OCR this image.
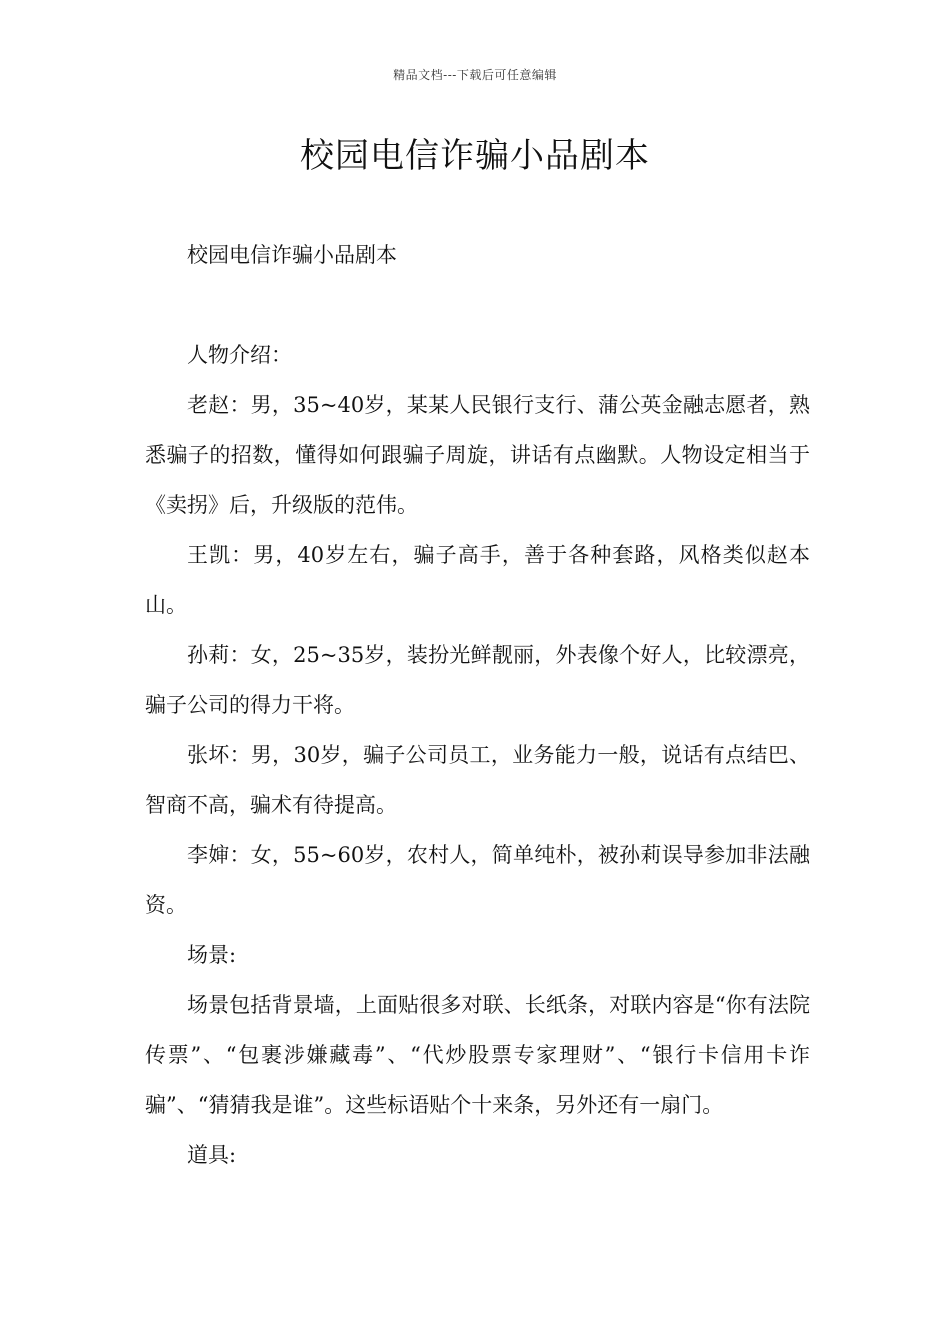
精品文档---下载后可任意编辑
校园电信诈骗小品剧本

校园电信诈骗小品剧本

人物介绍：

老赵：男，35~40岁，某某人民银行支行、蒲公英金融志愿者，熟悉骗子的招数，懂得如何跟骗子周旋，讲话有点幽默。人物设定相当于《卖拐》后，升级版的范伟。

王凯：男，40岁左右，骗子高手，善于各种套路，风格类似赵本山。

孙莉：女，25~35岁，装扮光鲜靓丽，外表像个好人，比较漂亮，骗子公司的得力干将。

张坏：男，30岁，骗子公司员工，业务能力一般，说话有点结巴、智商不高，骗术有待提高。

李婶：女，55~60岁，农村人，简单纯朴，被孙莉误导参加非法融资。

场景:

场景包括背景墙，上面贴很多对联、长纸条，对联内容是“你有法院传票”、“包裹涉嫌藏毒”、“代炒股票专家理财”、“银行卡信用卡诈骗”、“猜猜我是谁”。这些标语贴个十来条，另外还有一扇门。

道具:
